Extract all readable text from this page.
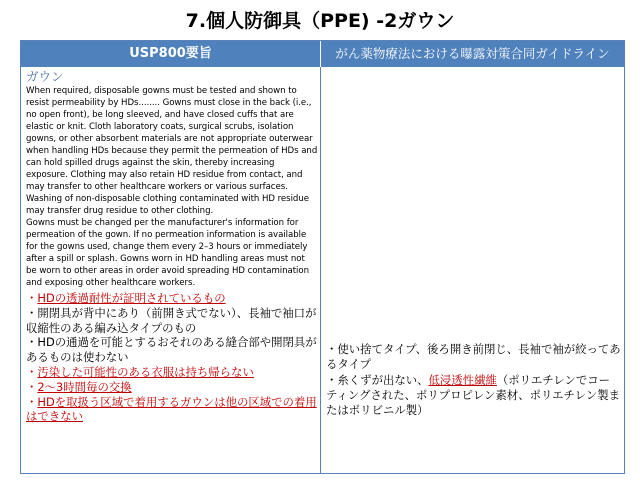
7.個人防御具（PPE) -2ガウン
USP800要旨	がん薬物療法における曝露対策合同ガイドライン
ガウン

When required, disposable gowns must be tested and shown to resist permeability by HDs........ Gowns must close in the back (i.e., no open front), be long sleeved, and have closed cuffs that are elastic or knit. Cloth laboratory coats, surgical scrubs, isolation gowns, or other absorbent materials are not appropriate outerwear when handling HDs because they permit the permeation of HDs and can hold spilled drugs against the skin, thereby increasing exposure. Clothing may also retain HD residue from contact, and may transfer to other healthcare workers or various surfaces. Washing of non-disposable clothing contaminated with HD residue may transfer drug residue to other clothing.

Gowns must be changed per the manufacturer's information for permeation of the gown. If no permeation information is available for the gowns used, change them every 2–3 hours or immediately after a spill or splash. Gowns worn in HD handling areas must not be worn to other areas in order avoid spreading HD contamination and exposing other healthcare workers.

・HDの透過耐性が証明されているもの
・開閉具が背中にあり（前開き式でない）、長袖で袖口が収縮性のある編み込タイプのもの
・HDの通過を可能とするおそれのある縫合部や開閉具があるものは使わない
・汚染した可能性のある衣服は持ち帰らない
・2～3時間毎の交換
・HDを取扱う区域で着用するガウンは他の区域での着用はできない
・使い捨てタイプ、後ろ開き前閉じ、長袖で袖が絞ってあるタイプ
・糸くずが出ない、低浸透性繊維（ポリエチレンでコーティングされた、ポリプロピレン素材、ポリエチレン製またはポリビニル製）
